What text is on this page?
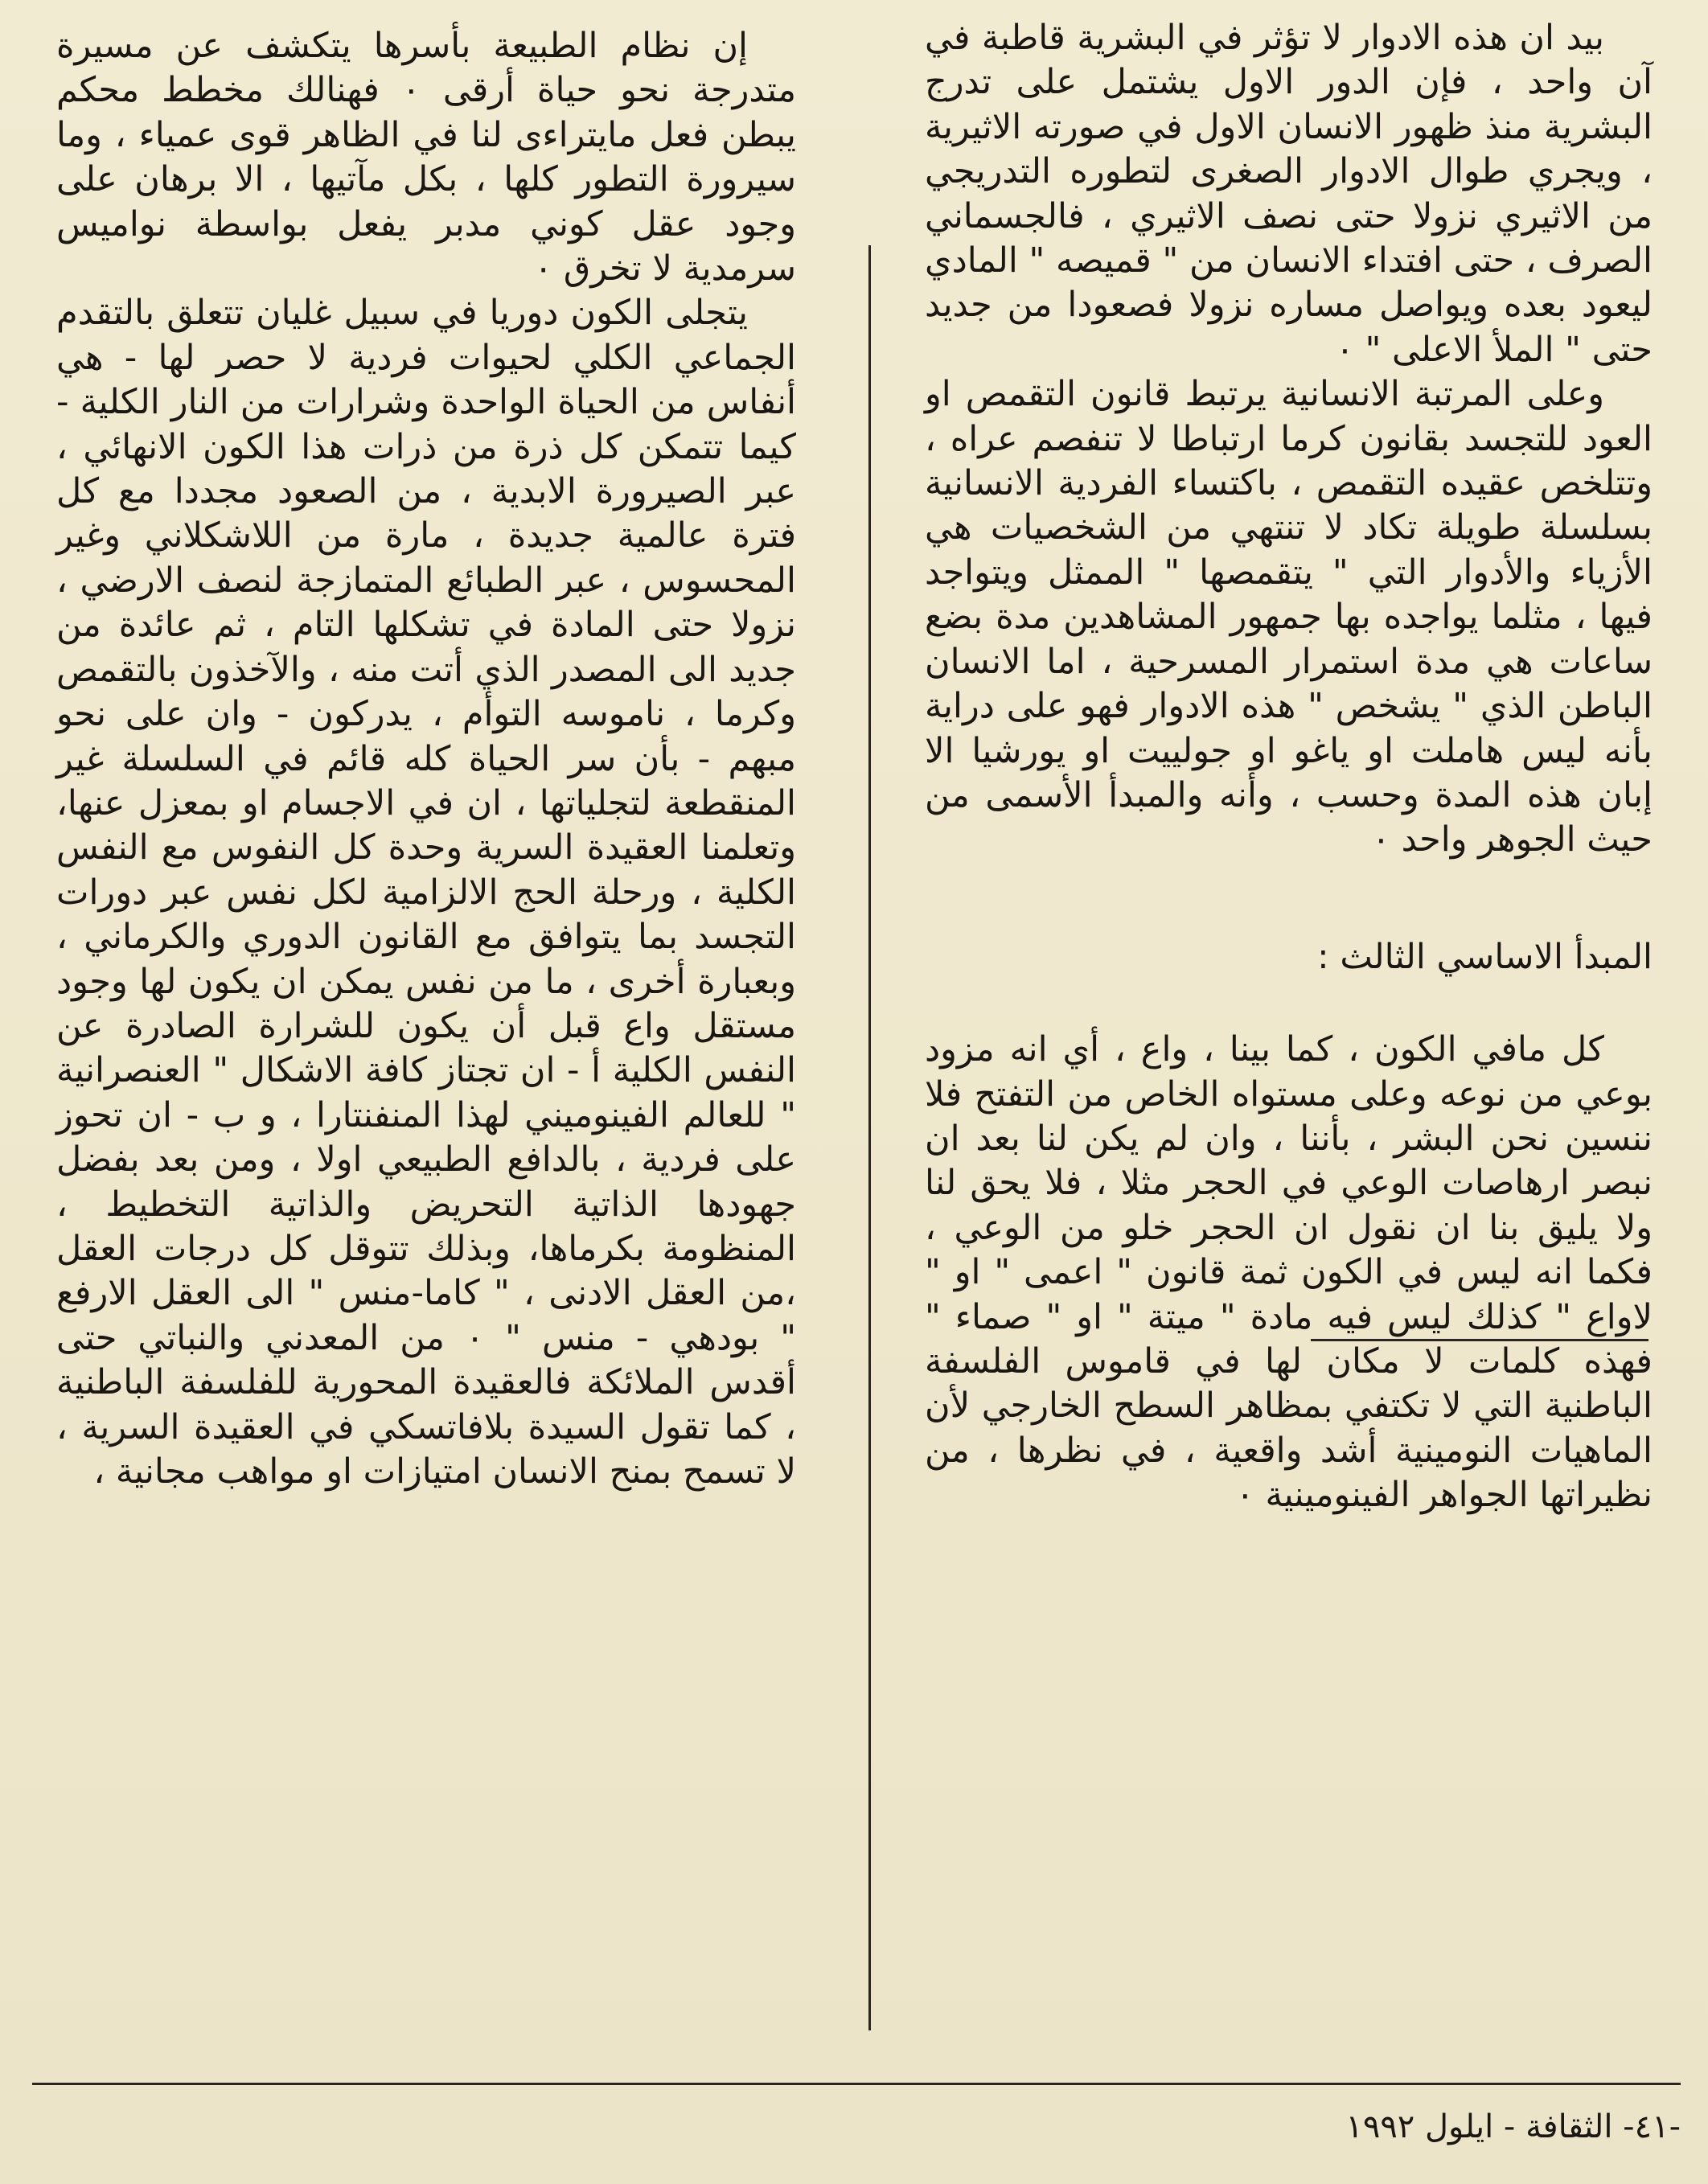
بيد ان هذه الادوار لا تؤثر في البشرية قاطبة في آن واحد ، فإن الدور الاول يشتمل على تدرج البشرية منذ ظهور الانسان الاول في صورته الاثيرية ، ويجري طوال الادوار الصغرى لتطوره التدريجي من الاثيري نزولا حتى نصف الاثيري ، فالجسماني الصرف ، حتى افتداء الانسان من " قميصه " المادي ليعود بعده ويواصل مساره نزولا فصعودا من جديد حتى " الملأ الاعلى " ٠

وعلى المرتبة الانسانية يرتبط قانون التقمص او العود للتجسد بقانون كرما ارتباطا لا تنفصم عراه ، وتتلخص عقيده التقمص ، باكتساء الفردية الانسانية بسلسلة طويلة تكاد لا تنتهي من الشخصيات هي الأزياء والأدوار التي " يتقمصها " الممثل ويتواجد فيها ، مثلما يواجده بها جمهور المشاهدين مدة بضع ساعات هي مدة استمرار المسرحية ، اما الانسان الباطن الذي " يشخص " هذه الادوار فهو على دراية بأنه ليس هاملت او ياغو او جولييت او يورشيا الا إبان هذه المدة وحسب ، وأنه والمبدأ الأسمى من حيث الجوهر واحد ٠

المبدأ الاساسي الثالث :

كل مافي الكون ، كما بينا ، واع ، أي انه مزود بوعي من نوعه وعلى مستواه الخاص من التفتح فلا ننسين نحن البشر ، بأننا ، وان لم يكن لنا بعد ان نبصر ارهاصات الوعي في الحجر مثلا ، فلا يحق لنا ولا يليق بنا ان نقول ان الحجر خلو من الوعي ، فكما انه ليس في الكون ثمة قانون " اعمى " او " لاواع " كذلك ليس فيه مادة " ميتة " او " صماء " فهذه كلمات لا مكان لها في قاموس الفلسفة الباطنية التي لا تكتفي بمظاهر السطح الخارجي لأن الماهيات النومينية أشد واقعية ، في نظرها ، من نظيراتها الجواهر الفينومينية ٠

إن نظام الطبيعة بأسرها يتكشف عن مسيرة متدرجة نحو حياة أرقى ٠ فهنالك مخطط محكم يبطن فعل مايتراءى لنا في الظاهر قوى عمياء ، وما سيرورة التطور كلها ، بكل مآتيها ، الا برهان على وجود عقل كوني مدبر يفعل بواسطة نواميس سرمدية لا تخرق ٠

يتجلى الكون دوريا في سبيل غليان تتعلق بالتقدم الجماعي الكلي لحيوات فردية لا حصر لها - هي أنفاس من الحياة الواحدة وشرارات من النار الكلية - كيما تتمكن كل ذرة من ذرات هذا الكون الانهائي ، عبر الصيرورة الابدية ، من الصعود مجددا مع كل فترة عالمية جديدة ، مارة من اللاشكلاني وغير المحسوس ، عبر الطبائع المتمازجة لنصف الارضي ، نزولا حتى المادة في تشكلها التام ، ثم عائدة من جديد الى المصدر الذي أتت منه ، والآخذون بالتقمص وكرما ، ناموسه التوأم ، يدركون - وان على نحو مبهم - بأن سر الحياة كله قائم في السلسلة غير المنقطعة لتجلياتها ، ان في الاجسام او بمعزل عنها، وتعلمنا العقيدة السرية وحدة كل النفوس مع النفس الكلية ، ورحلة الحج الالزامية لكل نفس عبر دورات التجسد بما يتوافق مع القانون الدوري والكرماني ، وبعبارة أخرى ، ما من نفس يمكن ان يكون لها وجود مستقل واع قبل أن يكون للشرارة الصادرة عن النفس الكلية أ - ان تجتاز كافة الاشكال " العنصرانية " للعالم الفينوميني لهذا المنفنتارا ، و ب - ان تحوز على فردية ، بالدافع الطبيعي اولا ، ومن بعد بفضل جهودها الذاتية التحريض والذاتية التخطيط ، المنظومة بكرماها، وبذلك تتوقل كل درجات العقل ،من العقل الادنى ، " كاما-منس " الى العقل الارفع " بودهي - منس " ٠ من المعدني والنباتي حتى أقدس الملائكة فالعقيدة المحورية للفلسفة الباطنية ، كما تقول السيدة بلافاتسكي في العقيدة السرية ، لا تسمح بمنح الانسان امتيازات او مواهب مجانية ،

-٤١- الثقافة - ايلول ١٩٩٢
